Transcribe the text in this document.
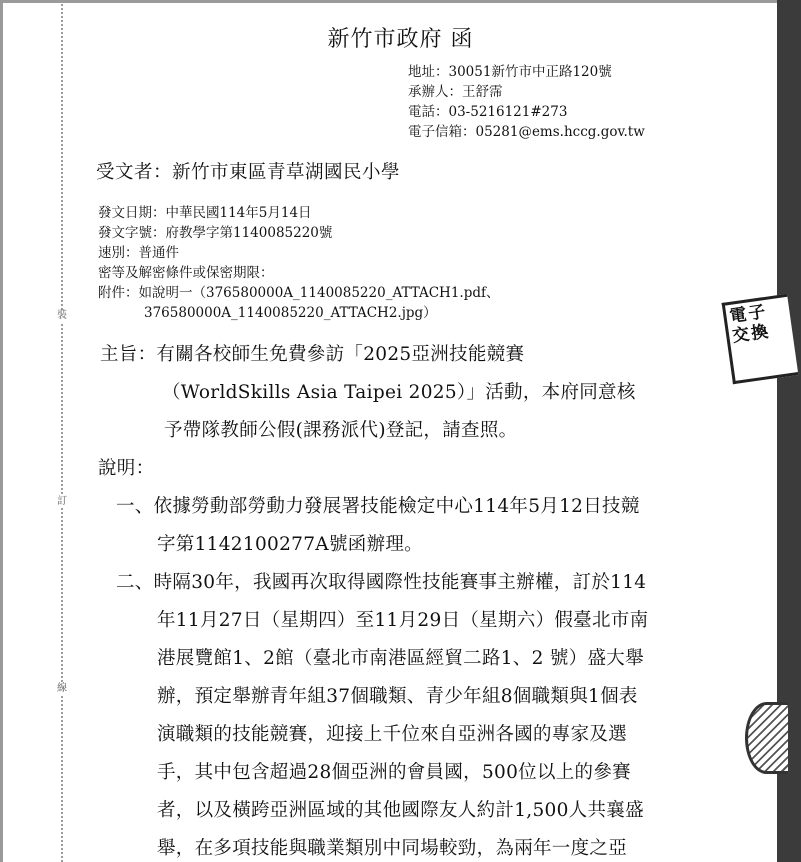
裝
訂
線
新竹市政府 函
地址：30051新竹市中正路120號
承辦人：王舒霈
電話：03-5216121#273
電子信箱：05281@ems.hccg.gov.tw
受文者：新竹市東區青草湖國民小學
發文日期：中華民國114年5月14日
發文字號：府教學字第1140085220號
速別：普通件
密等及解密條件或保密期限：
附件：如說明一（376580000A_1140085220_ATTACH1.pdf、
376580000A_1140085220_ATTACH2.jpg）	電子
交換
主旨：有關各校師生免費參訪「2025亞洲技能競賽
（WorldSkills Asia Taipei 2025）」活動，本府同意核
予帶隊教師公假(課務派代)登記，請查照。
說明：
一、依據勞動部勞動力發展署技能檢定中心114年5月12日技競
字第1142100277A號函辦理。
二、時隔30年，我國再次取得國際性技能賽事主辦權，訂於114
年11月27日（星期四）至11月29日（星期六）假臺北市南
港展覽館1、2館（臺北市南港區經貿二路1、2 號）盛大舉
辦，預定舉辦青年組37個職類、青少年組8個職類與1個表
演職類的技能競賽，迎接上千位來自亞洲各國的專家及選
手，其中包含超過28個亞洲的會員國，500位以上的參賽
者，以及橫跨亞洲區域的其他國際友人約計1,500人共襄盛
舉，在多項技能與職業類別中同場較勁，為兩年一度之亞
